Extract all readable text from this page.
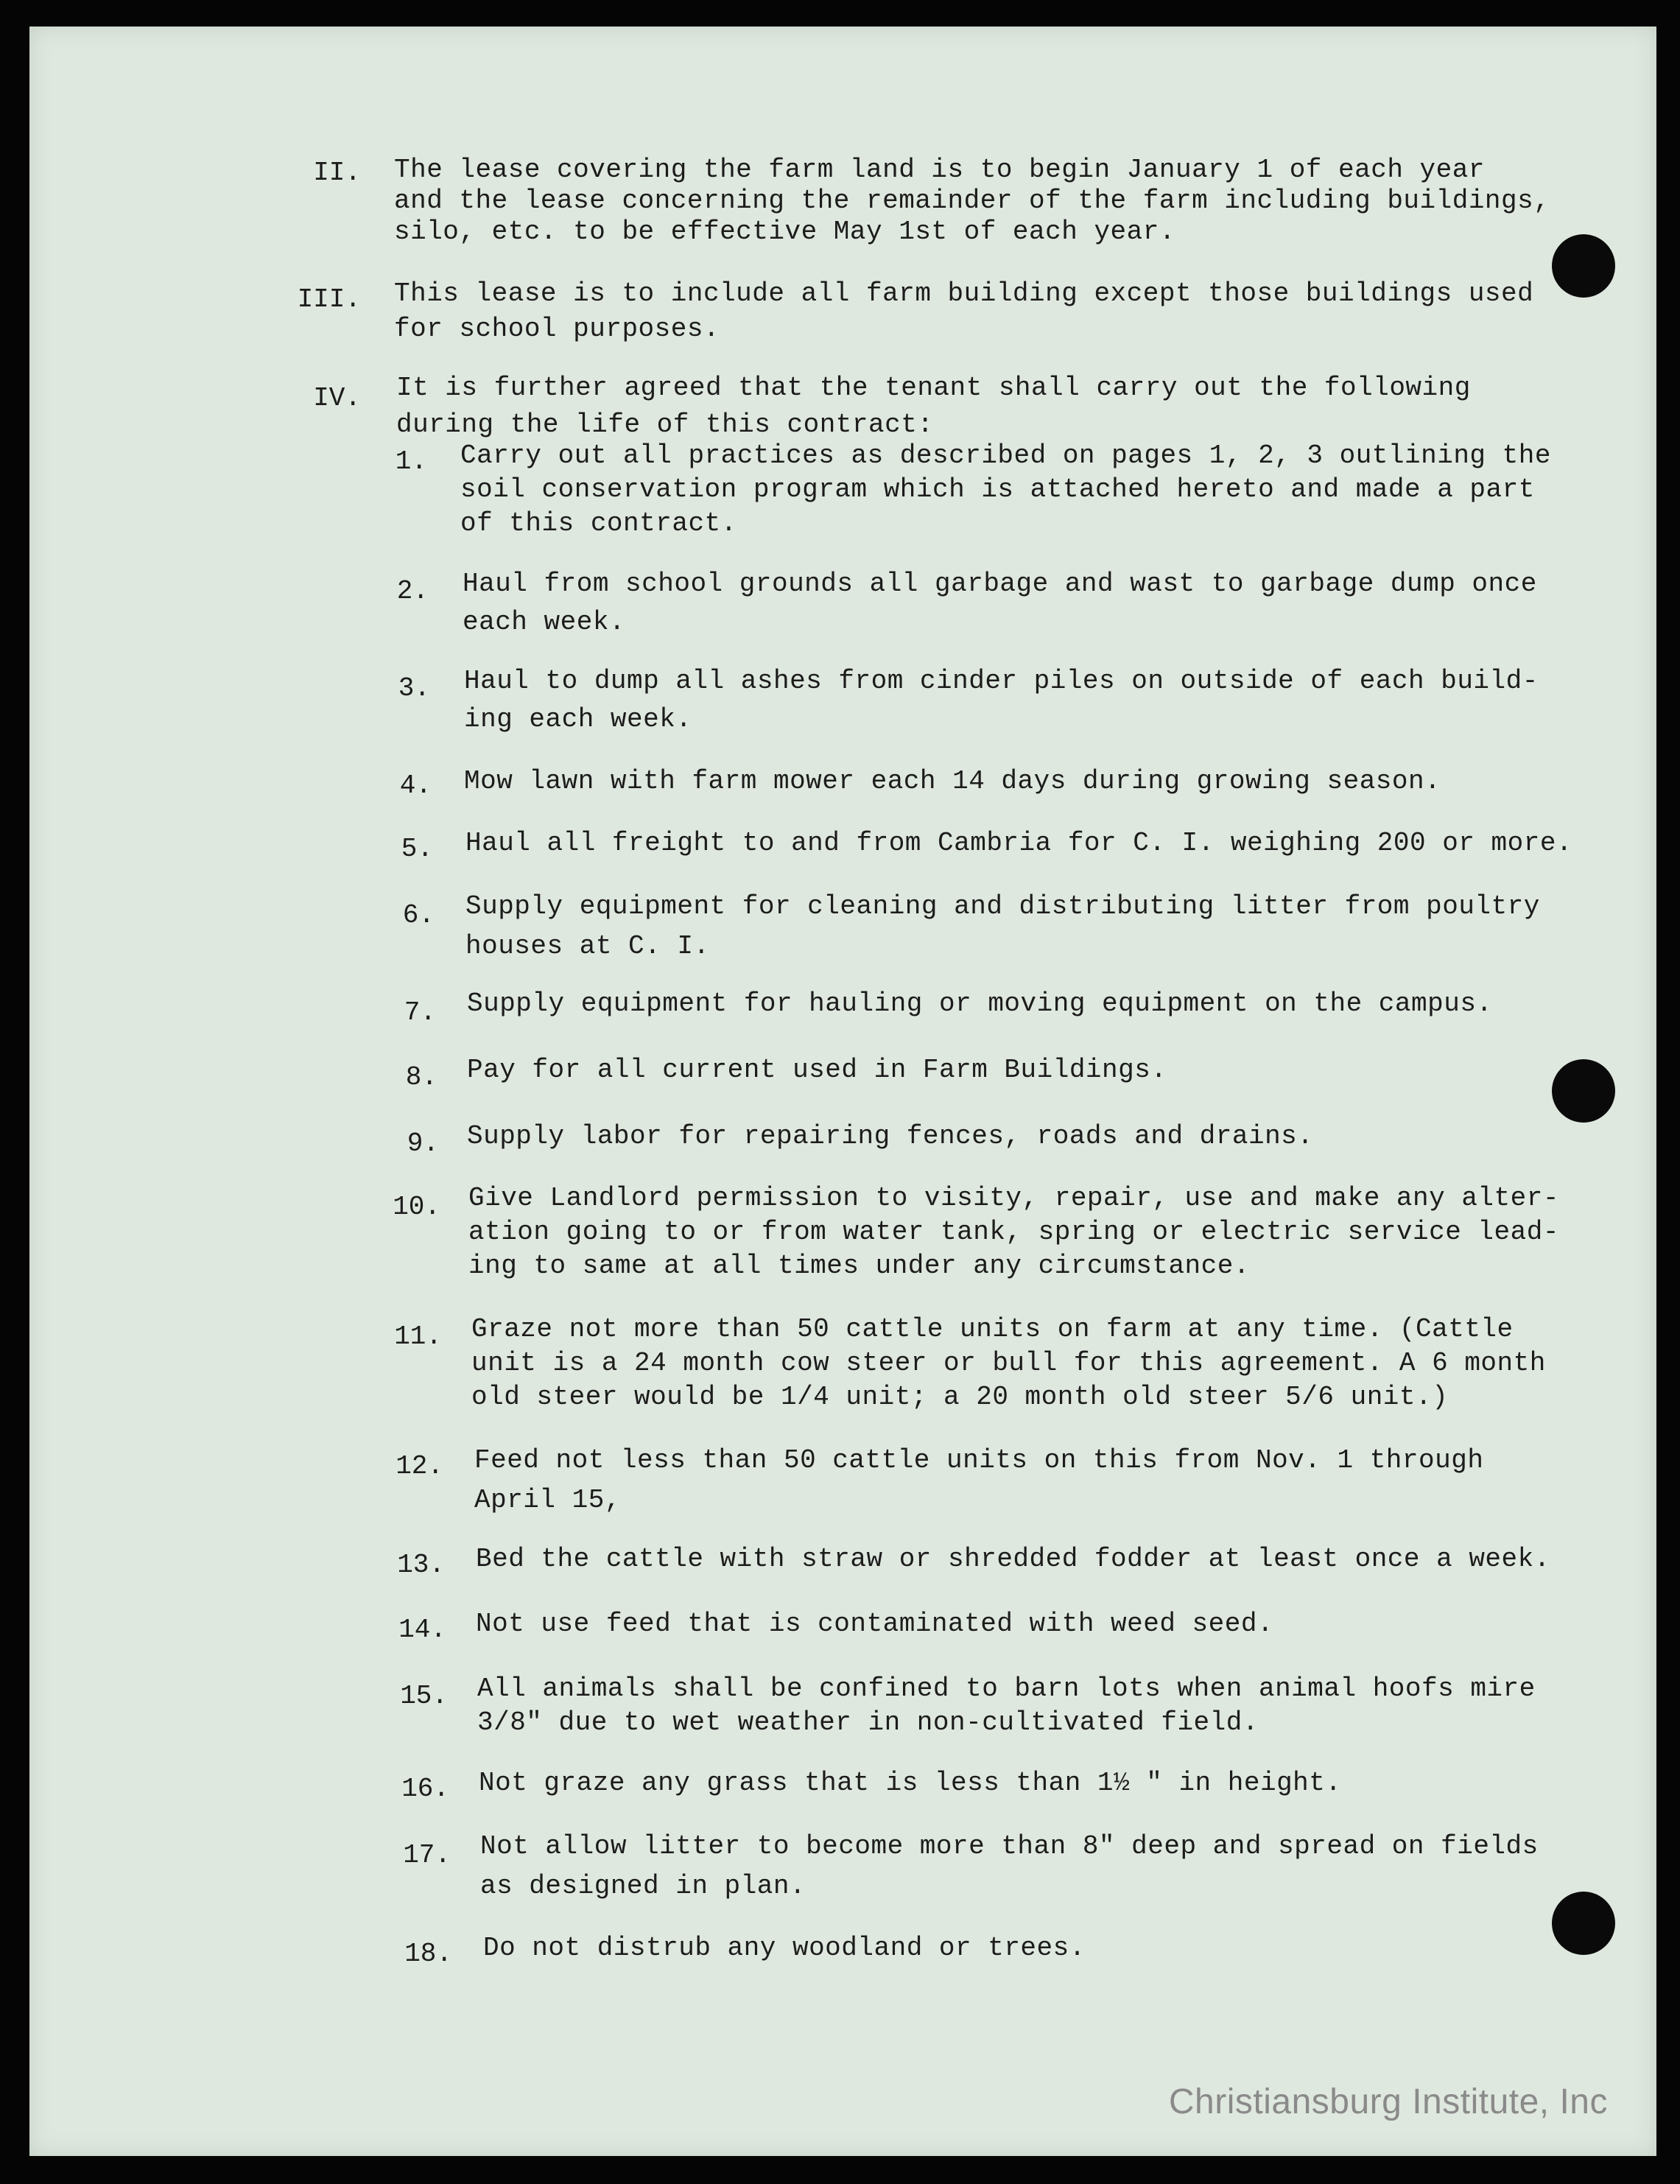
II. The lease covering the farm land is to begin January 1 of each year
and the lease concerning the remainder of the farm including buildings,
silo, etc. to be effective May 1st of each year.
III. This lease is to include all farm building except those buildings used
for school purposes.
IV. It is further agreed that the tenant shall carry out the following
during the life of this contract:
1. Carry out all practices as described on pages 1, 2, 3 outlining the
soil conservation program which is attached hereto and made a part
of this contract.
2. Haul from school grounds all garbage and wast to garbage dump once
each week.
3. Haul to dump all ashes from cinder piles on outside of each build-
ing each week.
4. Mow lawn with farm mower each 14 days during growing season.
5. Haul all freight to and from Cambria for C. I. weighing 200 or more.
6. Supply equipment for cleaning and distributing litter from poultry
houses at C. I.
7. Supply equipment for hauling or moving equipment on the campus.
8. Pay for all current used in Farm Buildings.
9. Supply labor for repairing fences, roads and drains.
10. Give Landlord permission to visity, repair, use and make any alter-
ation going to or from water tank, spring or electric service lead-
ing to same at all times under any circumstance.
11. Graze not more than 50 cattle units on farm at any time. (Cattle
unit is a 24 month cow steer or bull for this agreement. A 6 month
old steer would be 1/4 unit; a 20 month old steer 5/6 unit.)
12. Feed not less than 50 cattle units on this from Nov. 1 through
April 15,
13. Bed the cattle with straw or shredded fodder at least once a week.
14. Not use feed that is contaminated with weed seed.
15. All animals shall be confined to barn lots when animal hoofs mire
3/8" due to wet weather in non-cultivated field.
16. Not graze any grass that is less than 1½ " in height.
17. Not allow litter to become more than 8" deep and spread on fields
as designed in plan.
18. Do not distrub any woodland or trees.
Christiansburg Institute, Inc
